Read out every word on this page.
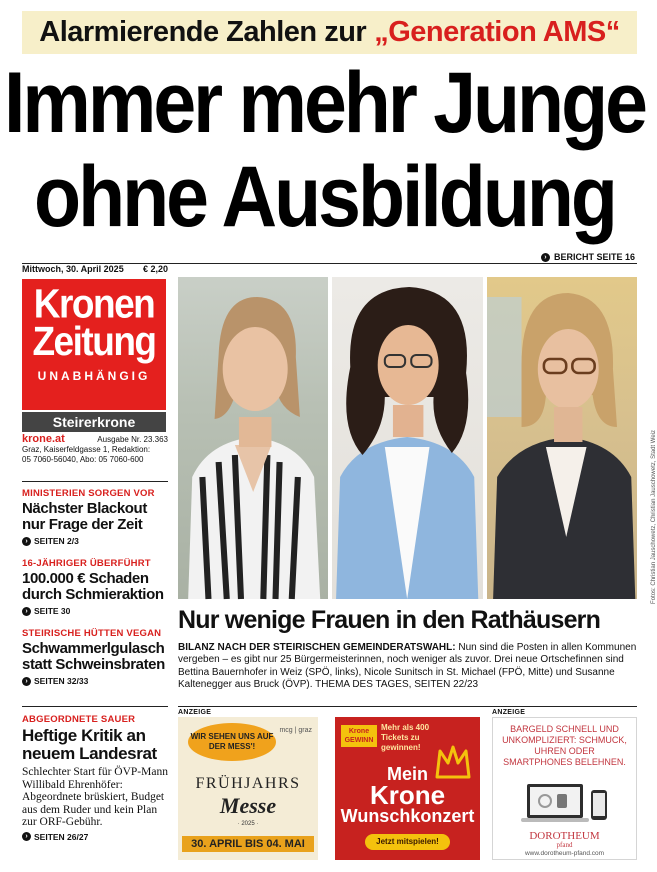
Alarmierende Zahlen zur „Generation AMS“
Immer mehr Junge
ohne Ausbildung
› BERICHT SEITE 16
Mittwoch, 30. April 2025 € 2,20
Kronen
Zeitung
UNABHÄNGIG
Steirerkrone
krone.at	Ausgabe Nr. 23.363
Graz, Kaiserfeldgasse 1, Redaktion:
05 7060-56040, Abo: 05 7060-600
MINISTERIEN SORGEN VOR
Nächster Blackout nur Frage der Zeit
› SEITEN 2/3
16-JÄHRIGER ÜBERFÜHRT
100.000 € Schaden durch Schmieraktion
› SEITE 30
STEIRISCHE HÜTTEN VEGAN
Schwammerlgulasch statt Schweinsbraten
› SEITEN 32/33
ABGEORDNETE SAUER
Heftige Kritik an neuem Landesrat
Schlechter Start für ÖVP-Mann Willibald Ehrenhöfer: Abgeordnete brüskiert, Budget aus dem Ruder und kein Plan zur ORF-Gebühr.
› SEITEN 26/27
Fotos: Christian Jauschowetz, Christian Jauschowetz, Stadt Weiz
Nur wenige Frauen in den Rathäusern
BILANZ NACH DER STEIRISCHEN GEMEINDERATSWAHL: Nun sind die Posten in allen Kommunen vergeben – es gibt nur 25 Bürgermeisterinnen, noch weniger als zuvor. Drei neue Ortschefinnen sind Bettina Bauernhofer in Weiz (SPÖ, links), Nicole Sunitsch in St. Michael (FPÖ, Mitte) und Susanne Kaltenegger aus Bruck (ÖVP). THEMA DES TAGES, SEITEN 22/23
ANZEIGE	ANZEIGE
WIR SEHEN UNS AUF DER MESS'!
mcg | graz
FRÜHJAHRS
Messe
· 2025 ·
30. APRIL BIS 04. MAI
Krone GEWINN
Mehr als 400 Tickets zu gewinnen!
Mein
Krone
Wunschkonzert
Jetzt mitspielen!
BARGELD SCHNELL UND UNKOMPLIZIERT: SCHMUCK, UHREN ODER SMARTPHONES BELEHNEN.
DOROTHEUM
pfand
www.dorotheum-pfand.com
